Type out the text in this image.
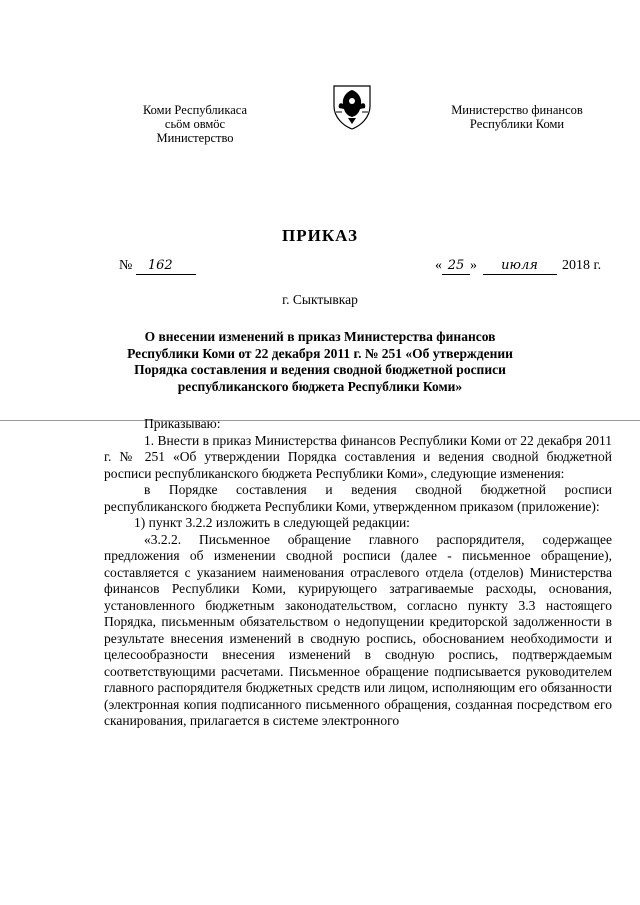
Коми Республикаса
сьӧм овмӧс
Министерство
Министерство финансов
Республики Коми
ПРИКАЗ
№ 162	« 25 » июля 2018 г.
г. Сыктывкар
О внесении изменений в приказ Министерства финансов Республики Коми от 22 декабря 2011 г. № 251 «Об утверждении Порядка составления и ведения сводной бюджетной росписи республиканского бюджета Республики Коми»

Приказываю:

1. Внести в приказ Министерства финансов Республики Коми от 22 декабря 2011 г. № 251 «Об утверждении Порядка составления и ведения сводной бюджетной росписи республиканского бюджета Республики Коми», следующие изменения:

в Порядке составления и ведения сводной бюджетной росписи республиканского бюджета Республики Коми, утвержденном приказом (приложение):

1) пункт 3.2.2 изложить в следующей редакции:

«3.2.2. Письменное обращение главного распорядителя, содержащее предложения об изменении сводной росписи (далее - письменное обращение), составляется с указанием наименования отраслевого отдела (отделов) Министерства финансов Республики Коми, курирующего затрагиваемые расходы, основания, установленного бюджетным законодательством, согласно пункту 3.3 настоящего Порядка, письменным обязательством о недопущении кредиторской задолженности в результате внесения изменений в сводную роспись, обоснованием необходимости и целесообразности внесения изменений в сводную роспись, подтверждаемым соответствующими расчетами. Письменное обращение подписывается руководителем главного распорядителя бюджетных средств или лицом, исполняющим его обязанности (электронная копия подписанного письменного обращения, созданная посредством его сканирования, прилагается в системе электронного
